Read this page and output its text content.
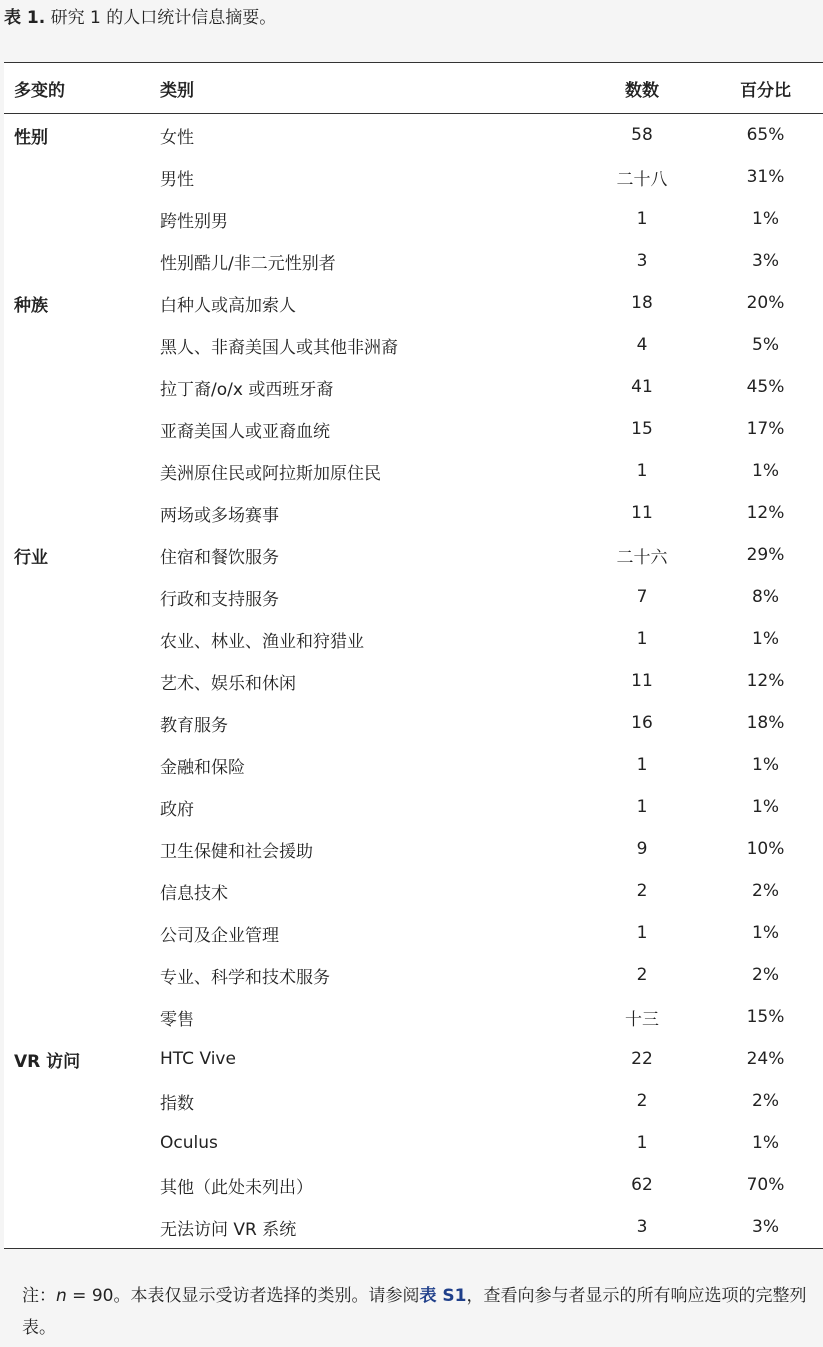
表 1. 研究 1 的人口统计信息摘要。
多变的	类别	数数	百分比
性别	女性	58	65%
	男性	二十八	31%
	跨性别男	1	1%
	性别酷儿/非二元性别者	3	3%
种族	白种人或高加索人	18	20%
	黑人、非裔美国人或其他非洲裔	4	5%
	拉丁裔/o/x 或西班牙裔	41	45%
	亚裔美国人或亚裔血统	15	17%
	美洲原住民或阿拉斯加原住民	1	1%
	两场或多场赛事	11	12%
行业	住宿和餐饮服务	二十六	29%
	行政和支持服务	7	8%
	农业、林业、渔业和狩猎业	1	1%
	艺术、娱乐和休闲	11	12%
	教育服务	16	18%
	金融和保险	1	1%
	政府	1	1%
	卫生保健和社会援助	9	10%
	信息技术	2	2%
	公司及企业管理	1	1%
	专业、科学和技术服务	2	2%
	零售	十三	15%
VR 访问	HTC Vive	22	24%
	指数	2	2%
	Oculus	1	1%
	其他（此处未列出）	62	70%
	无法访问 VR 系统	3	3%
注：n = 90。本表仅显示受访者选择的类别。请参阅表 S1，查看向参与者显示的所有响应选项的完整列表。
